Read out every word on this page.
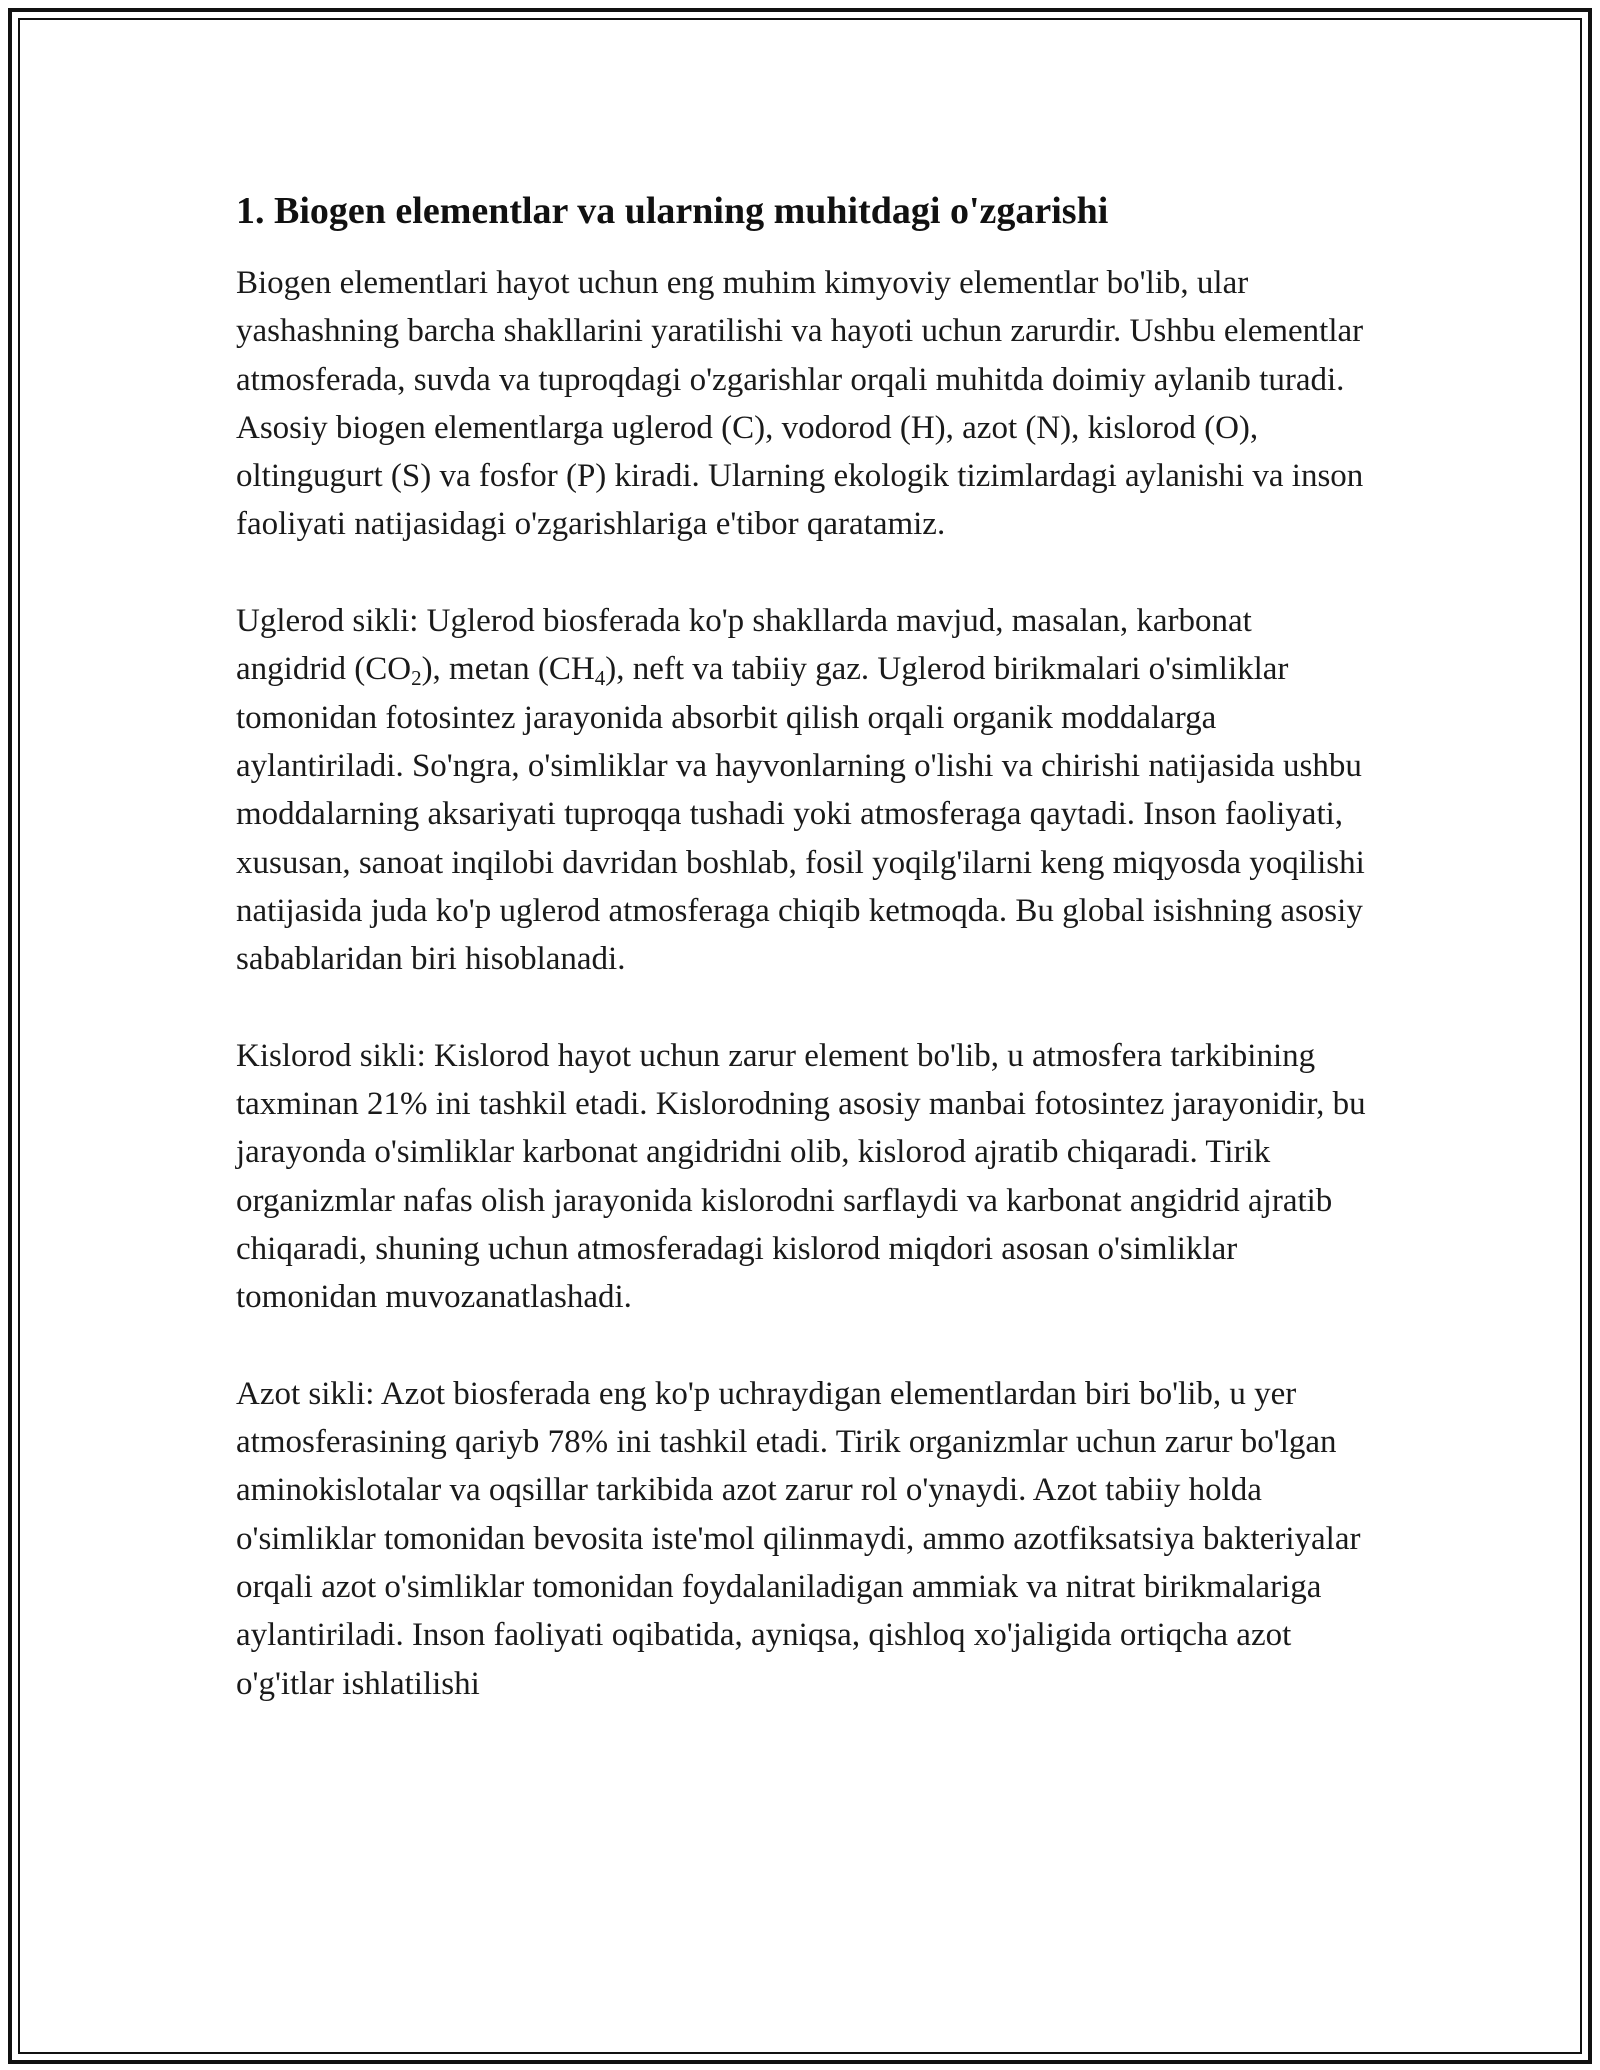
1. Biogen elementlar va ularning muhitdagi o'zgarishi

Biogen elementlari hayot uchun eng muhim kimyoviy elementlar bo'lib, ular yashashning barcha shakllarini yaratilishi va hayoti uchun zarurdir. Ushbu elementlar atmosferada, suvda va tuproqdagi o'zgarishlar orqali muhitda doimiy aylanib turadi. Asosiy biogen elementlarga uglerod (C), vodorod (H), azot (N), kislorod (O), oltingugurt (S) va fosfor (P) kiradi. Ularning ekologik tizimlardagi aylanishi va inson faoliyati natijasidagi o'zgarishlariga e'tibor qaratamiz.

Uglerod sikli: Uglerod biosferada ko'p shakllarda mavjud, masalan, karbonat angidrid $(CO_2)$, metan $(CH_4)$, neft va tabiiy gaz. Uglerod birikmalari o'simliklar tomonidan fotosintez jarayonida absorbit qilish orqali organik moddalarga aylantiriladi. So'ngra, o'simliklar va hayvonlarning o'lishi va chirishi natijasida ushbu moddalarning aksariyati tuproqqa tushadi yoki atmosferaga qaytadi. Inson faoliyati, xususan, sanoat inqilobi davridan boshlab, fosil yoqilg'ilarni keng miqyosda yoqilishi natijasida juda ko'p uglerod atmosferaga chiqib ketmoqda. Bu global isishning asosiy sabablaridan biri hisoblanadi.

Kislorod sikli: Kislorod hayot uchun zarur element bo'lib, u atmosfera tarkibining taxminan 21% ini tashkil etadi. Kislorodning asosiy manbai fotosintez jarayonidir, bu jarayonda o'simliklar karbonat angidridni olib, kislorod ajratib chiqaradi. Tirik organizmlar nafas olish jarayonida kislorodni sarflaydi va karbonat angidrid ajratib chiqaradi, shuning uchun atmosferadagi kislorod miqdori asosan o'simliklar tomonidan muvozanatlashadi.

Azot sikli: Azot biosferada eng ko'p uchraydigan elementlardan biri bo'lib, u yer atmosferasining qariyb 78% ini tashkil etadi. Tirik organizmlar uchun zarur bo'lgan aminokislotalar va oqsillar tarkibida azot zarur rol o'ynaydi. Azot tabiiy holda o'simliklar tomonidan bevosita iste'mol qilinmaydi, ammo azotfiksatsiya bakteriyalar orqali azot o'simliklar tomonidan foydalaniladigan ammiak va nitrat birikmalariga aylantiriladi. Inson faoliyati oqibatida, ayniqsa, qishloq xo'jaligida ortiqcha azot o'g'itlar ishlatilishi
